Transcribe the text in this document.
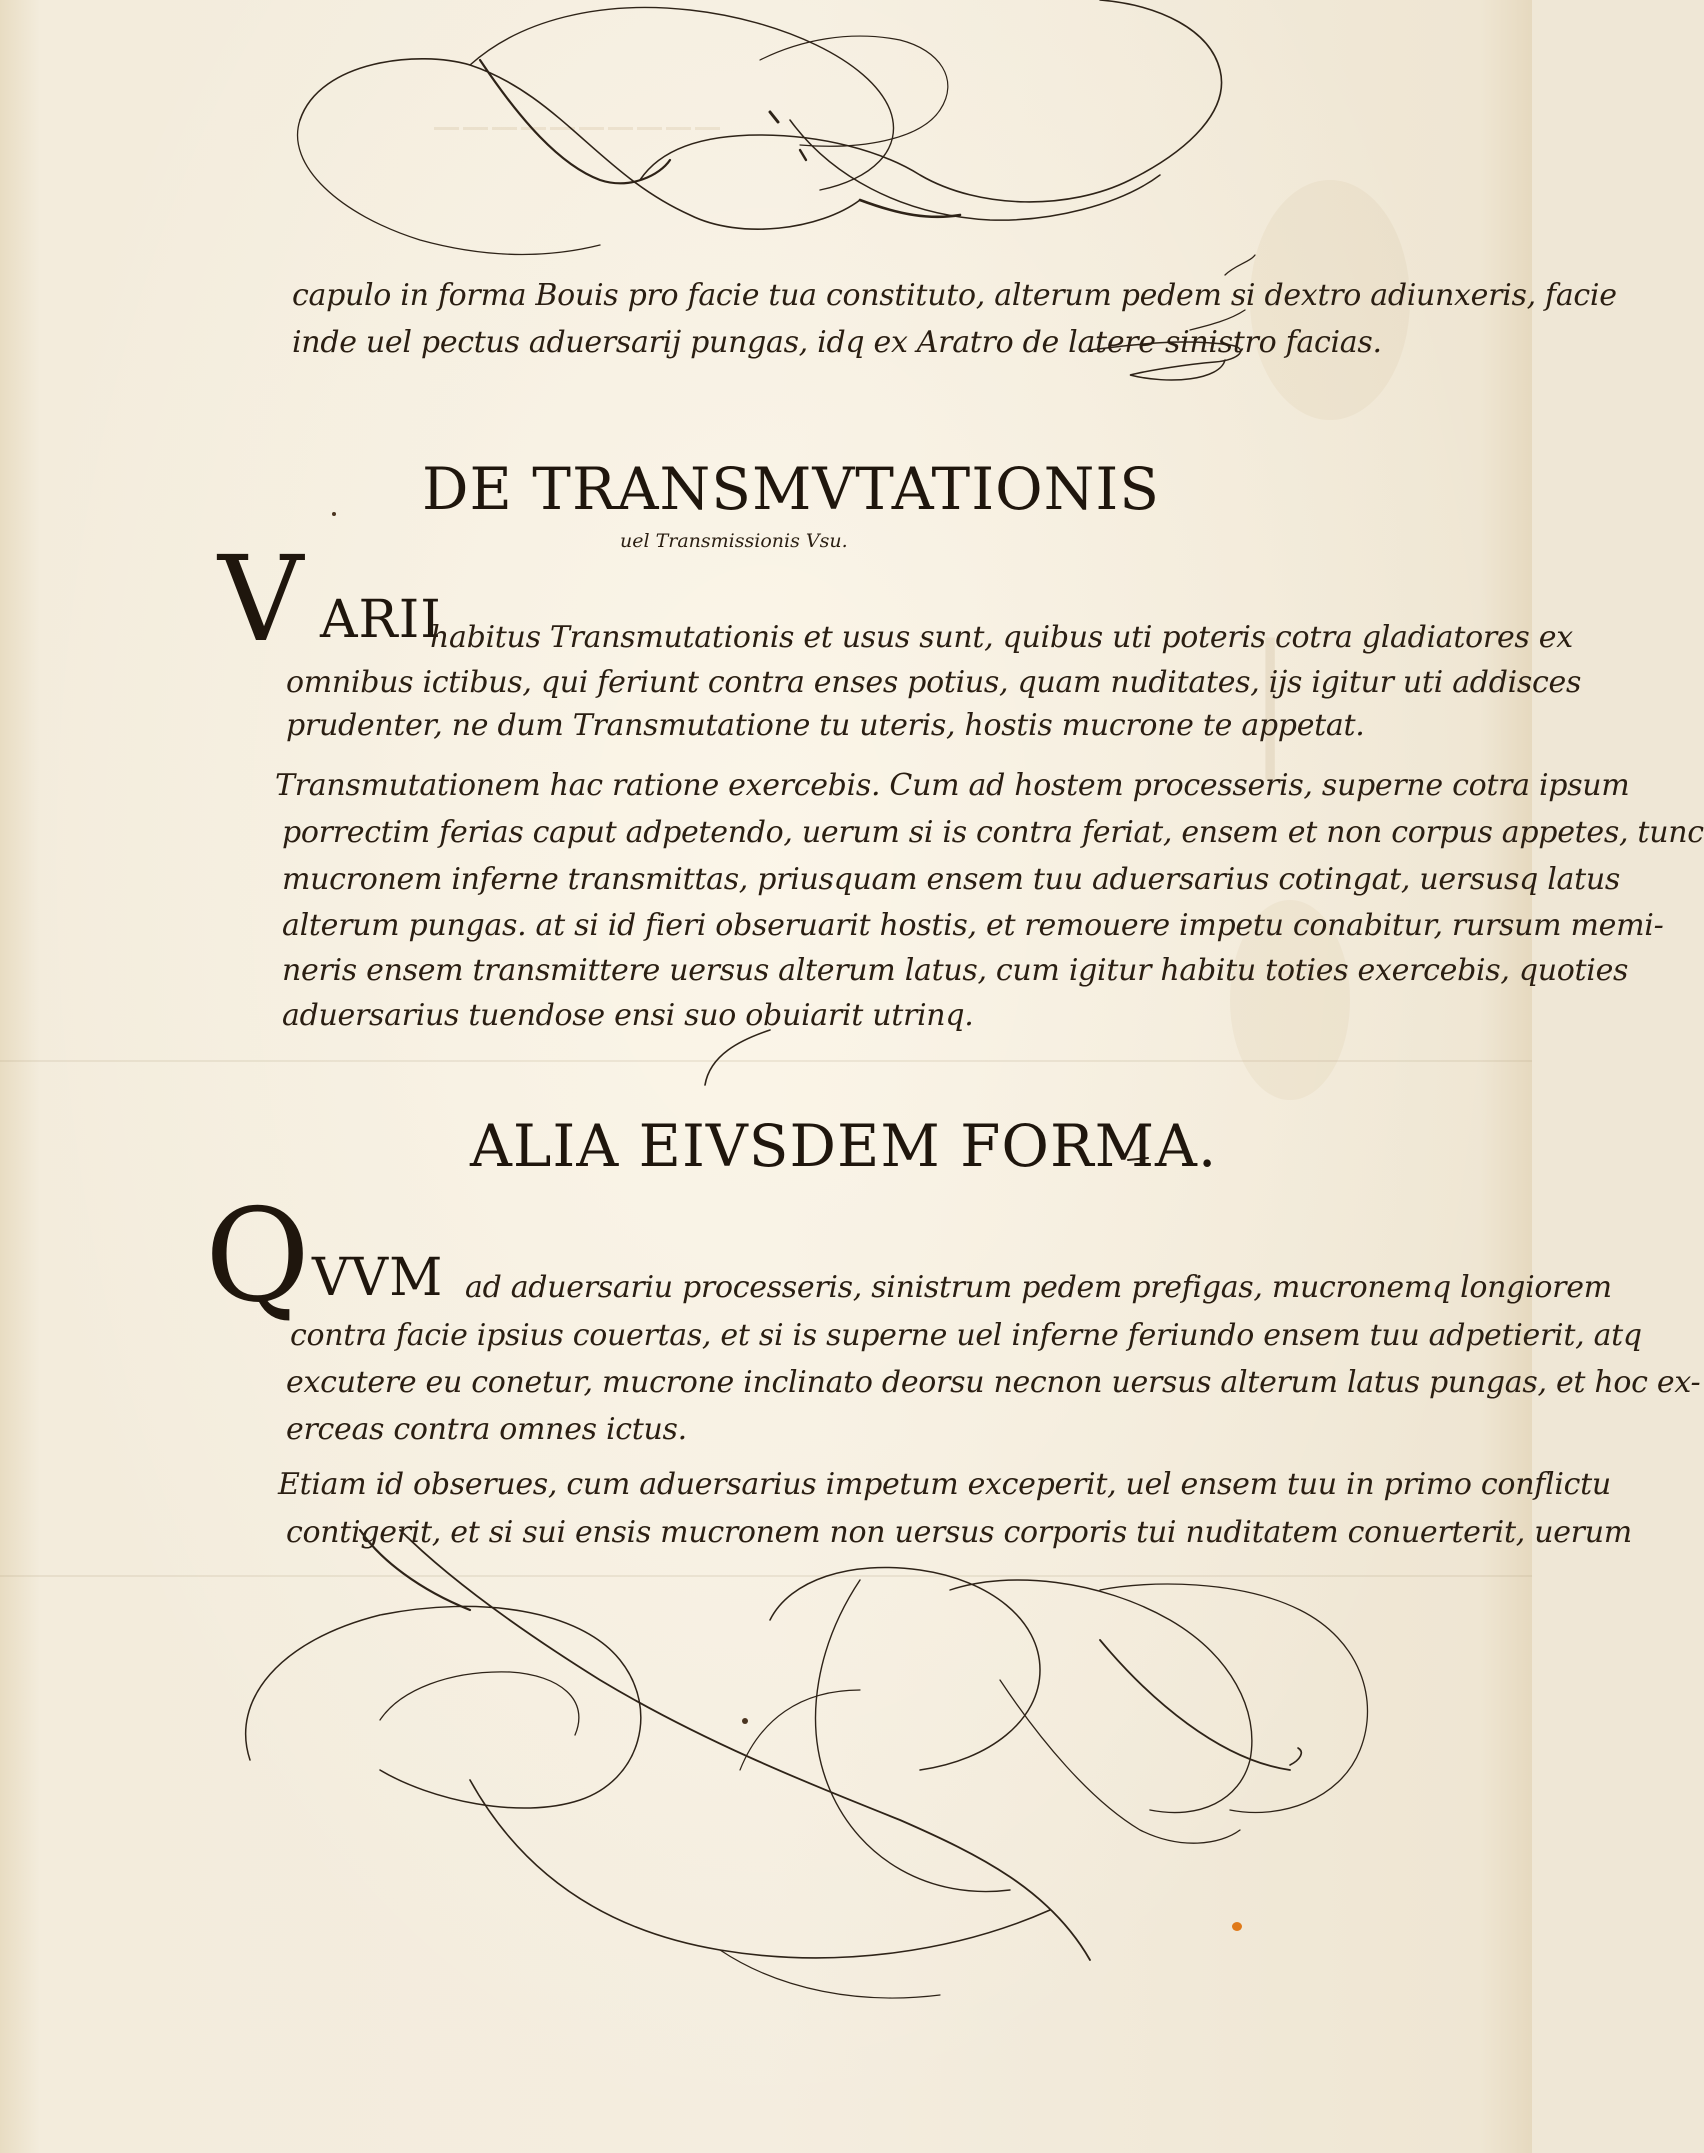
⎯⎯⎯⎯⎯⎯⎯⎯⎯⎯
│
capulo in forma Bouis pro facie tua constituto, alterum pedem si dextro adiunxeris, facie
inde uel pectus aduersarij pungas, idq ex Aratro de latere sinistro facias.
DE TRANSMVTATIONIS
uel Transmissionis Vsu.
V ARII
habitus Transmutationis et usus sunt, quibus uti poteris cotra gladiatores ex
omnibus ictibus, qui feriunt contra enses potius, quam nuditates, ijs igitur uti addisces
prudenter, ne dum Transmutatione tu uteris, hostis mucrone te appetat.
Transmutationem hac ratione exercebis. Cum ad hostem processeris, superne cotra ipsum
porrectim ferias caput adpetendo, uerum si is contra feriat, ensem et non corpus appetes, tunc
mucronem inferne transmittas, priusquam ensem tuu aduersarius cotingat, uersusq latus
alterum pungas. at si id fieri obseruarit hostis, et remouere impetu conabitur, rursum memi-
neris ensem transmittere uersus alterum latus, cum igitur habitu toties exercebis, quoties
aduersarius tuendose ensi suo obuiarit utrinq.
ALIA EIVSDEM FORMA.
Q VVM ad aduersariu processeris, sinistrum pedem prefigas, mucronemq longiorem
contra facie ipsius couertas, et si is superne uel inferne feriundo ensem tuu adpetierit, atq
excutere eu conetur, mucrone inclinato deorsu necnon uersus alterum latus pungas, et hoc ex-
erceas contra omnes ictus.
Etiam id obserues, cum aduersarius impetum exceperit, uel ensem tuu in primo conflictu
contigerit, et si sui ensis mucronem non uersus corporis tui nuditatem conuerterit, uerum
